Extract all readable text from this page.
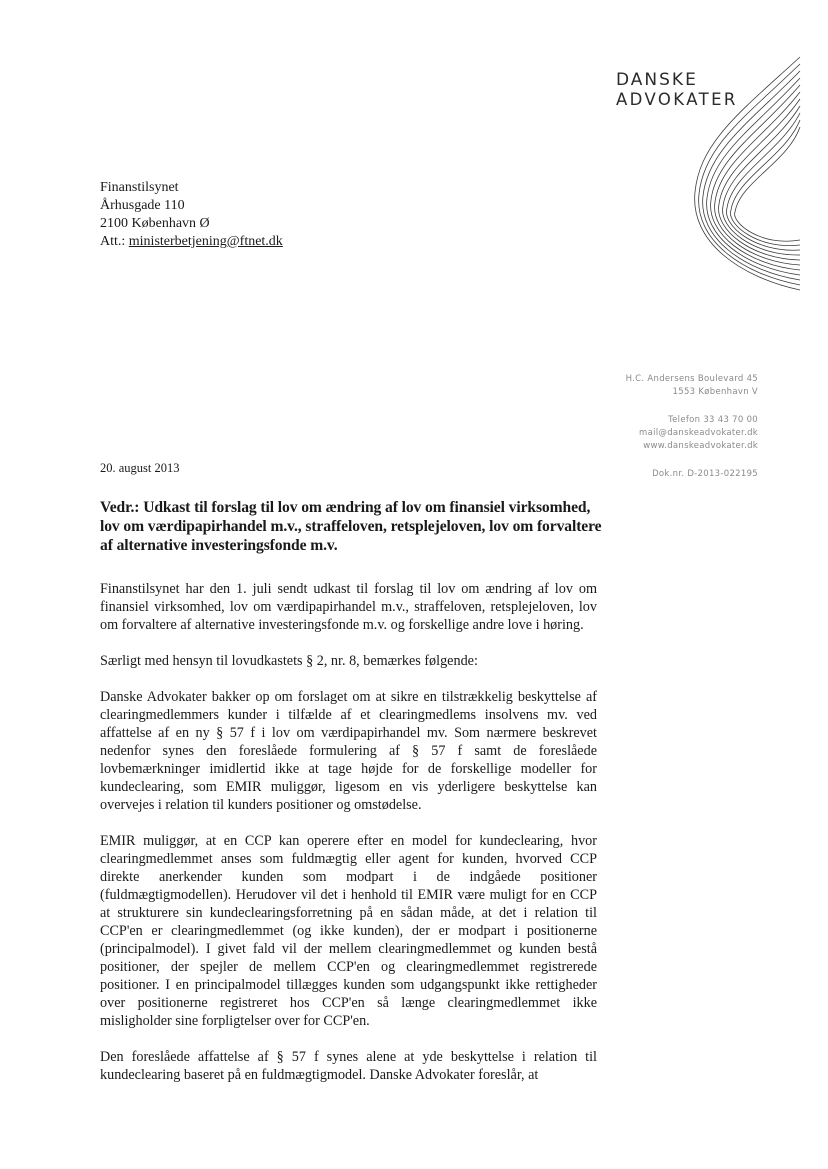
DANSKE
ADVOKATER
Finanstilsynet
Århusgade 110
2100 København Ø
Att.: ministerbetjening@ftnet.dk
H.C. Andersens Boulevard 45
1553 København V
Telefon 33 43 70 00
mail@danskeadvokater.dk
www.danskeadvokater.dk
Dok.nr. D-2013-022195
20. august 2013
Vedr.: Udkast til forslag til lov om ændring af lov om finansiel virksomhed, lov om værdipapirhandel m.v., straffeloven, retsplejeloven, lov om forvaltere af alternative investeringsfonde m.v.

Finanstilsynet har den 1. juli sendt udkast til forslag til lov om ændring af lov om finansiel virksomhed, lov om værdipapirhandel m.v., straffeloven, retsplejeloven, lov om forvaltere af alternative investeringsfonde m.v. og forskellige andre love i høring.

Særligt med hensyn til lovudkastets § 2, nr. 8, bemærkes følgende:

Danske Advokater bakker op om forslaget om at sikre en tilstrækkelig beskyttelse af clearingmedlemmers kunder i tilfælde af et clearingmedlems insolvens mv. ved affattelse af en ny § 57 f i lov om værdipapirhandel mv. Som nærmere beskrevet nedenfor synes den foreslåede formulering af § 57 f samt de foreslåede lovbemærkninger imidlertid ikke at tage højde for de forskellige modeller for kundeclearing, som EMIR muliggør, ligesom en vis yderligere beskyttelse kan overvejes i relation til kunders positioner og omstødelse.

EMIR muliggør, at en CCP kan operere efter en model for kundeclearing, hvor clearingmedlemmet anses som fuldmægtig eller agent for kunden, hvorved CCP direkte anerkender kunden som modpart i de indgåede positioner (fuldmægtigmodellen). Herudover vil det i henhold til EMIR være muligt for en CCP at strukturere sin kundeclearingsforretning på en sådan måde, at det i relation til CCP'en er clearingmedlemmet (og ikke kunden), der er modpart i positionerne (principalmodel). I givet fald vil der mellem clearingmedlemmet og kunden bestå positioner, der spejler de mellem CCP'en og clearingmedlemmet registrerede positioner. I en principalmodel tillægges kunden som udgangspunkt ikke rettigheder over positionerne registreret hos CCP'en så længe clearingmedlemmet ikke misligholder sine forpligtelser over for CCP'en.

Den foreslåede affattelse af § 57 f synes alene at yde beskyttelse i relation til kundeclearing baseret på en fuldmægtigmodel. Danske Advokater foreslår, at
